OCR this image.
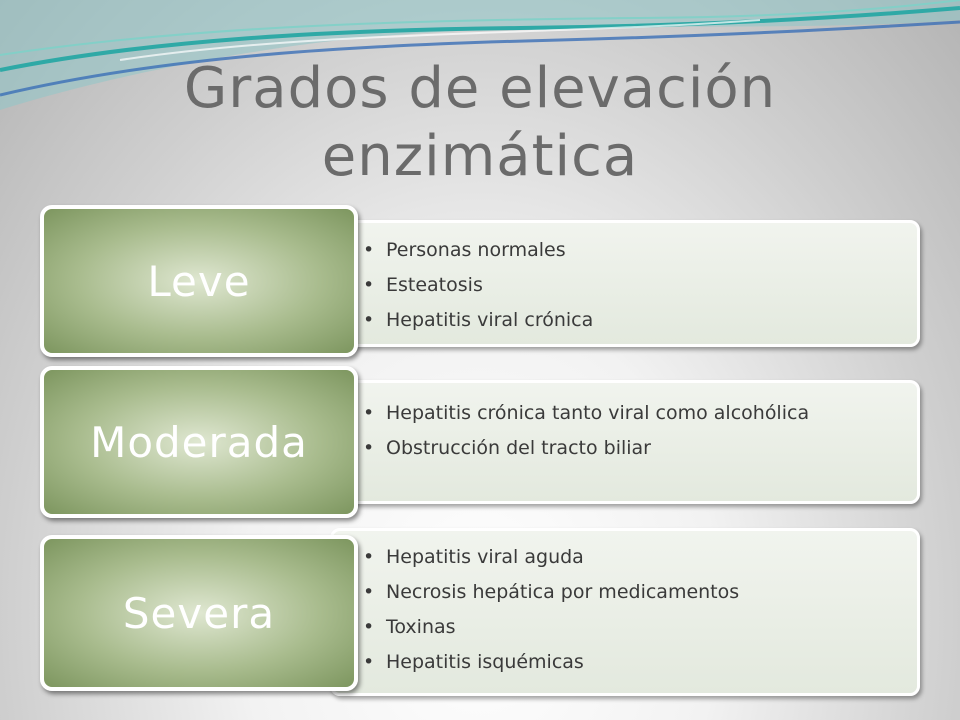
Grados de elevación
enzimática
• Personas normales
• Esteatosis
• Hepatitis viral crónica
Leve
• Hepatitis crónica tanto viral como alcohólica
• Obstrucción del tracto biliar
Moderada
• Hepatitis viral aguda
• Necrosis hepática por medicamentos
• Toxinas
• Hepatitis isquémicas
Severa
